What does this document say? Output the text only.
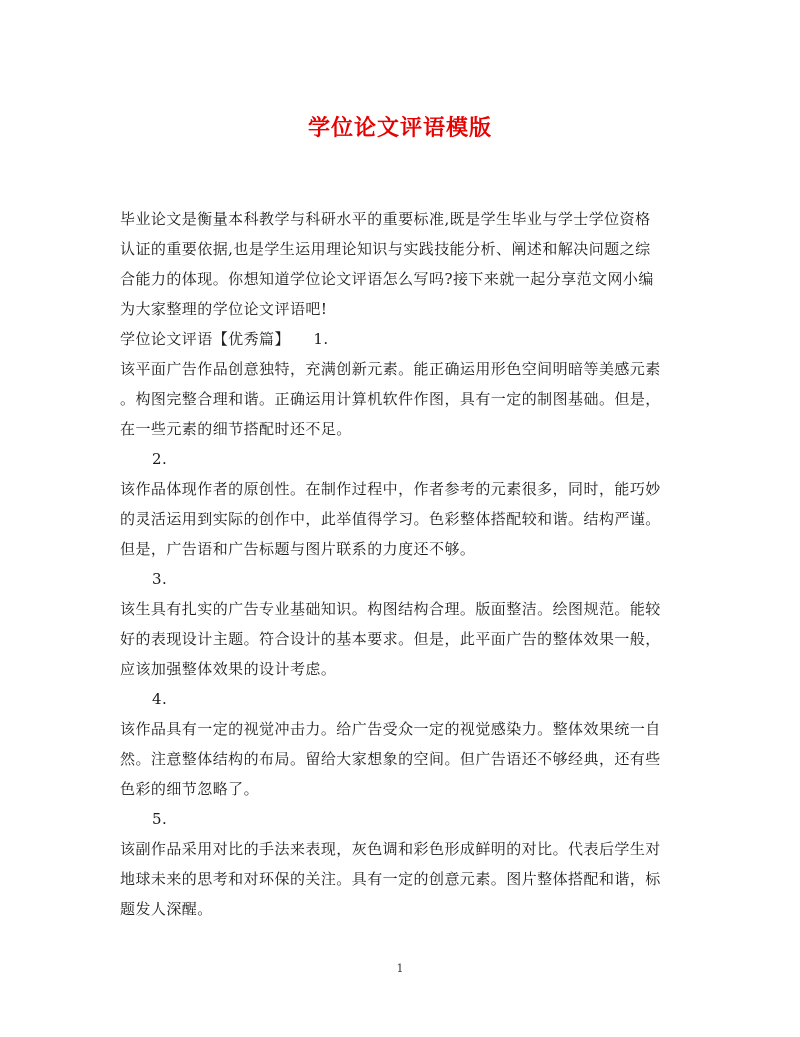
学位论文评语模版
毕业论文是衡量本科教学与科研水平的重要标准,既是学生毕业与学士学位资格
认证的重要依据,也是学生运用理论知识与实践技能分析、阐述和解决问题之综
合能力的体现。你想知道学位论文评语怎么写吗?接下来就一起分享范文网小编
为大家整理的学位论文评语吧!
学位论文评语【优秀篇】　　1.
该平面广告作品创意独特，充满创新元素。能正确运用形色空间明暗等美感元素
。构图完整合理和谐。正确运用计算机软件作图，具有一定的制图基础。但是，
在一些元素的细节搭配时还不足。
2.
该作品体现作者的原创性。在制作过程中，作者参考的元素很多，同时，能巧妙
的灵活运用到实际的创作中，此举值得学习。色彩整体搭配较和谐。结构严谨。
但是，广告语和广告标题与图片联系的力度还不够。
3.
该生具有扎实的广告专业基础知识。构图结构合理。版面整洁。绘图规范。能较
好的表现设计主题。符合设计的基本要求。但是，此平面广告的整体效果一般，
应该加强整体效果的设计考虑。
4.
该作品具有一定的视觉冲击力。给广告受众一定的视觉感染力。整体效果统一自
然。注意整体结构的布局。留给大家想象的空间。但广告语还不够经典，还有些
色彩的细节忽略了。
5.
该副作品采用对比的手法来表现，灰色调和彩色形成鲜明的对比。代表后学生对
地球未来的思考和对环保的关注。具有一定的创意元素。图片整体搭配和谐，标
题发人深醒。
1
